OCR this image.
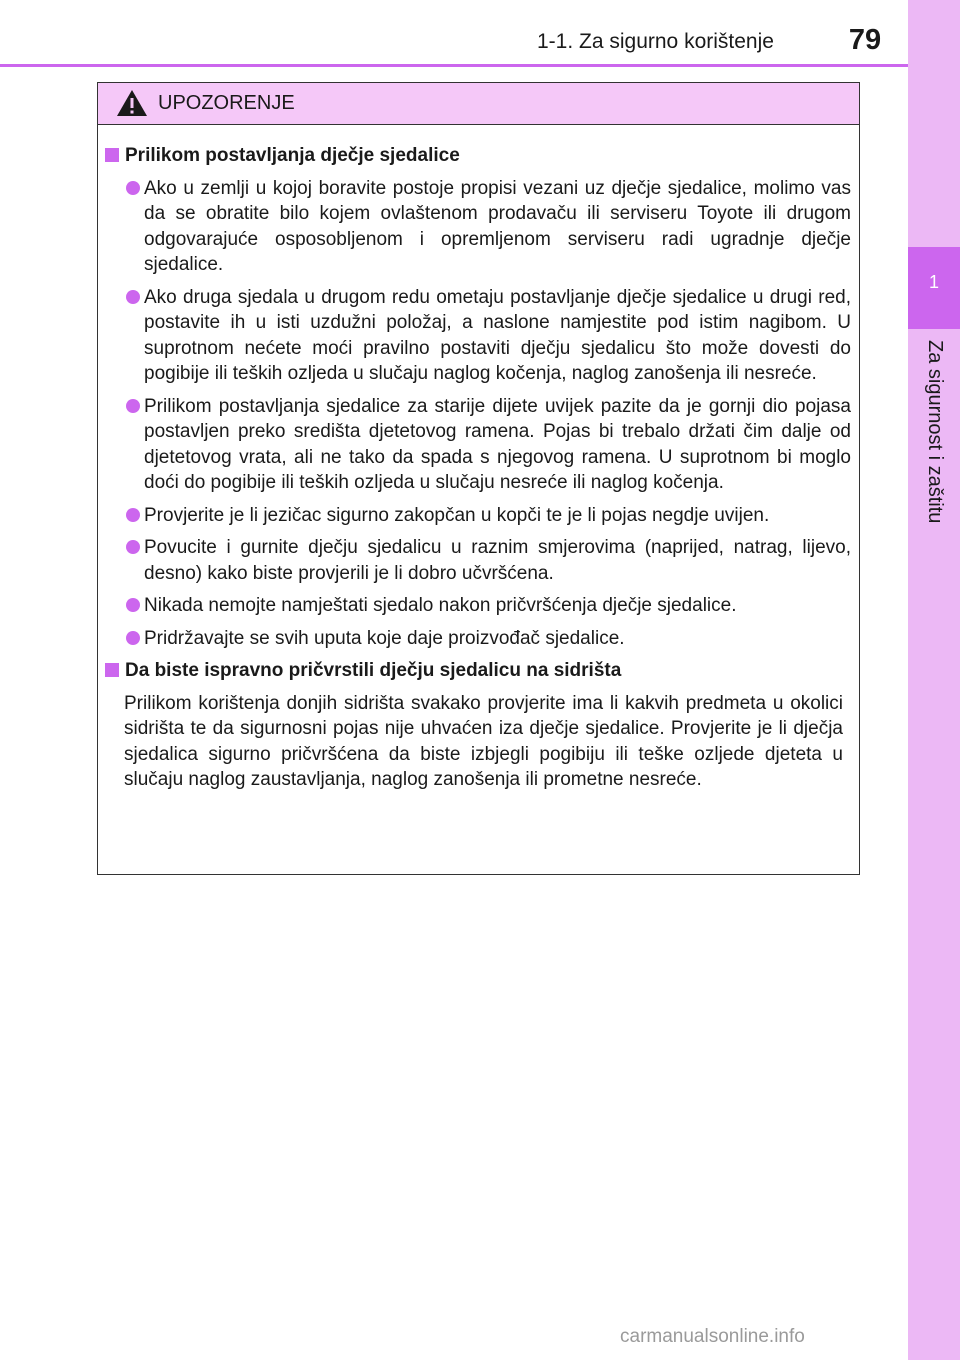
1-1. Za sigurno korištenje	79
1
Za sigurnost i zaštitu
UPOZORENJE
Prilikom postavljanja dječje sjedalice
Ako u zemlji u kojoj boravite postoje propisi vezani uz dječje sjedalice, molimo vas da se obratite bilo kojem ovlaštenom prodavaču ili serviseru Toyote ili drugom odgovarajuće osposobljenom i opremljenom serviseru radi ugradnje dječje sjedalice.
Ako druga sjedala u drugom redu ometaju postavljanje dječje sjedalice u drugi red, postavite ih u isti uzdužni položaj, a naslone namjestite pod istim nagibom. U suprotnom nećete moći pravilno postaviti dječju sjedalicu što može dovesti do pogibije ili teških ozljeda u slučaju naglog kočenja, naglog zanošenja ili nesreće.
Prilikom postavljanja sjedalice za starije dijete uvijek pazite da je gornji dio pojasa postavljen preko središta djetetovog ramena. Pojas bi trebalo držati čim dalje od djetetovog vrata, ali ne tako da spada s njegovog ramena. U suprotnom bi moglo doći do pogibije ili teških ozljeda u slučaju nesreće ili naglog kočenja.
Provjerite je li jezičac sigurno zakopčan u kopči te je li pojas negdje uvijen.
Povucite i gurnite dječju sjedalicu u raznim smjerovima (naprijed, natrag, lijevo, desno) kako biste provjerili je li dobro učvršćena.
Nikada nemojte namještati sjedalo nakon pričvršćenja dječje sjedalice.
Pridržavajte se svih uputa koje daje proizvođač sjedalice.
Da biste ispravno pričvrstili dječju sjedalicu na sidrišta
Prilikom korištenja donjih sidrišta svakako provjerite ima li kakvih predmeta u okolici sidrišta te da sigurnosni pojas nije uhvaćen iza dječje sjedalice. Provjerite je li dječja sjedalica sigurno pričvršćena da biste izbjegli pogibiju ili teške ozljede djeteta u slučaju naglog zaustavljanja, naglog zanošenja ili prometne nesreće.
carmanualsonline.info
